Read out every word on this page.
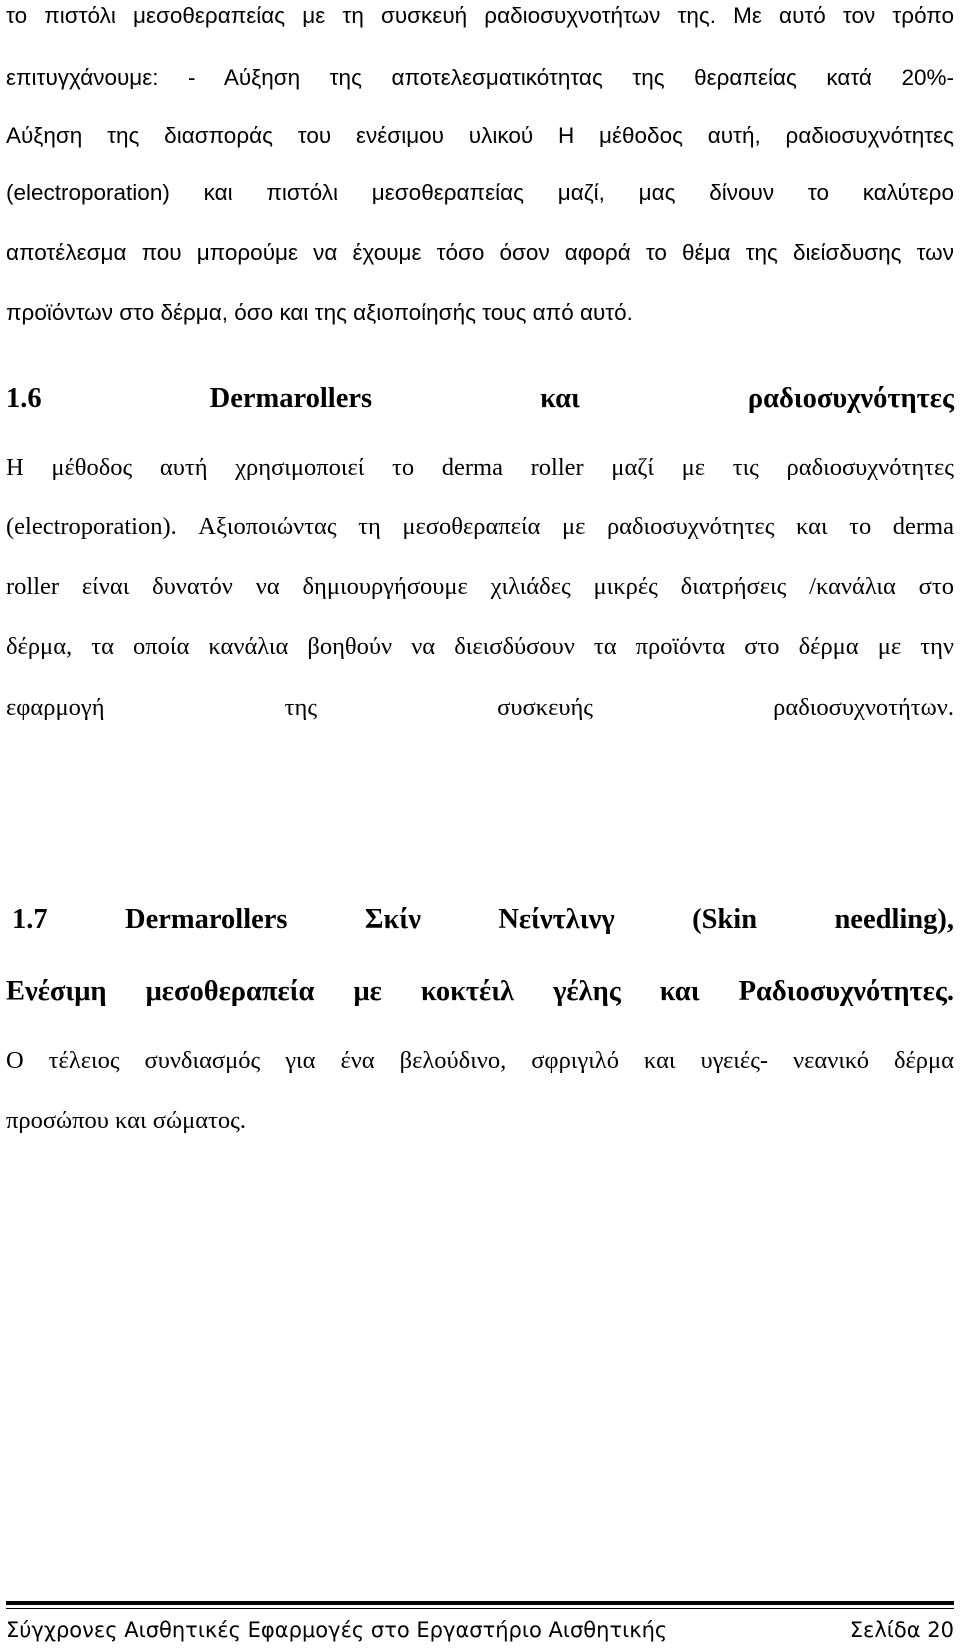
το πιστόλι μεσοθεραπείας με τη συσκευή ραδιοσυχνοτήτων της. Με αυτό τον τρόπο
επιτυγχάνουμε: - Αύξηση της αποτελεσματικότητας της θεραπείας κατά 20%-
Αύξηση της διασποράς του ενέσιμου υλικού Η μέθοδος αυτή, ραδιοσυχνότητες
(electroporation) και πιστόλι μεσοθεραπείας μαζί, μας δίνουν το καλύτερο
αποτέλεσμα που μπορούμε να έχουμε τόσο όσον αφορά το θέμα της διείσδυσης των
προϊόντων στο δέρμα, όσο και της αξιοποίησής τους από αυτό.
1.6 Dermarollers και ραδιοσυχνότητες
Η μέθοδος αυτή χρησιμοποιεί το derma roller μαζί με τις ραδιοσυχνότητες
(electroporation). Αξιοποιώντας τη μεσοθεραπεία με ραδιοσυχνότητες και το derma
roller είναι δυνατόν να δημιουργήσουμε χιλιάδες μικρές διατρήσεις /κανάλια στο
δέρμα, τα οποία κανάλια βοηθούν να διεισδύσουν τα προϊόντα στο δέρμα με την
εφαρμογή της συσκευής ραδιοσυχνοτήτων.
1.7 Dermarollers Σκίν Νείντλινγ (Skin needling),
Ενέσιμη μεσοθεραπεία με κοκτέιλ γέλης και Ραδιοσυχνότητες.
Ο τέλειος συνδιασμός για ένα βελούδινο, σφριγιλό και υγειές- νεανικό δέρμα
προσώπου και σώματος.
Σύγχρονες Αισθητικές Εφαρμογές στο Εργαστήριο Αισθητικής	Σελίδα 20
